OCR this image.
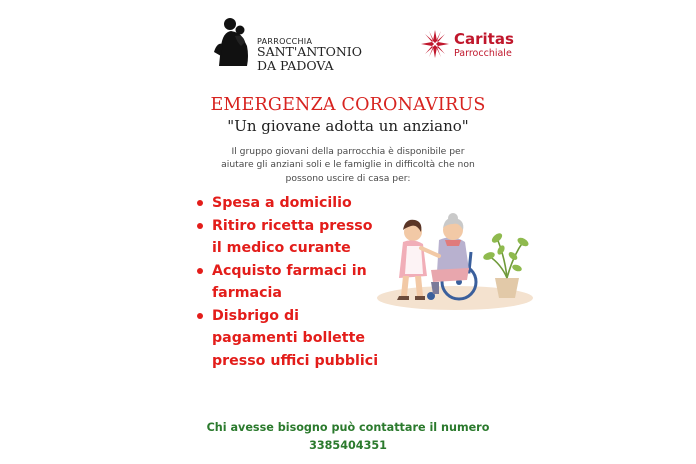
PARROCCHIA
SANT'ANTONIO
DA PADOVA
Caritas
Parrocchiale
EMERGENZA CORONAVIRUS
"Un giovane adotta un anziano"
Il gruppo giovani della parrocchia è disponibile per aiutare gli anziani soli e le famiglie in difficoltà che non possono uscire di casa per:
Spesa a domicilio
Ritiro ricetta presso il medico curante
Acquisto farmaci in farmacia
Disbrigo di pagamenti bollette presso uffici pubblici
Chi avesse bisogno può contattare il numero
3385404351
